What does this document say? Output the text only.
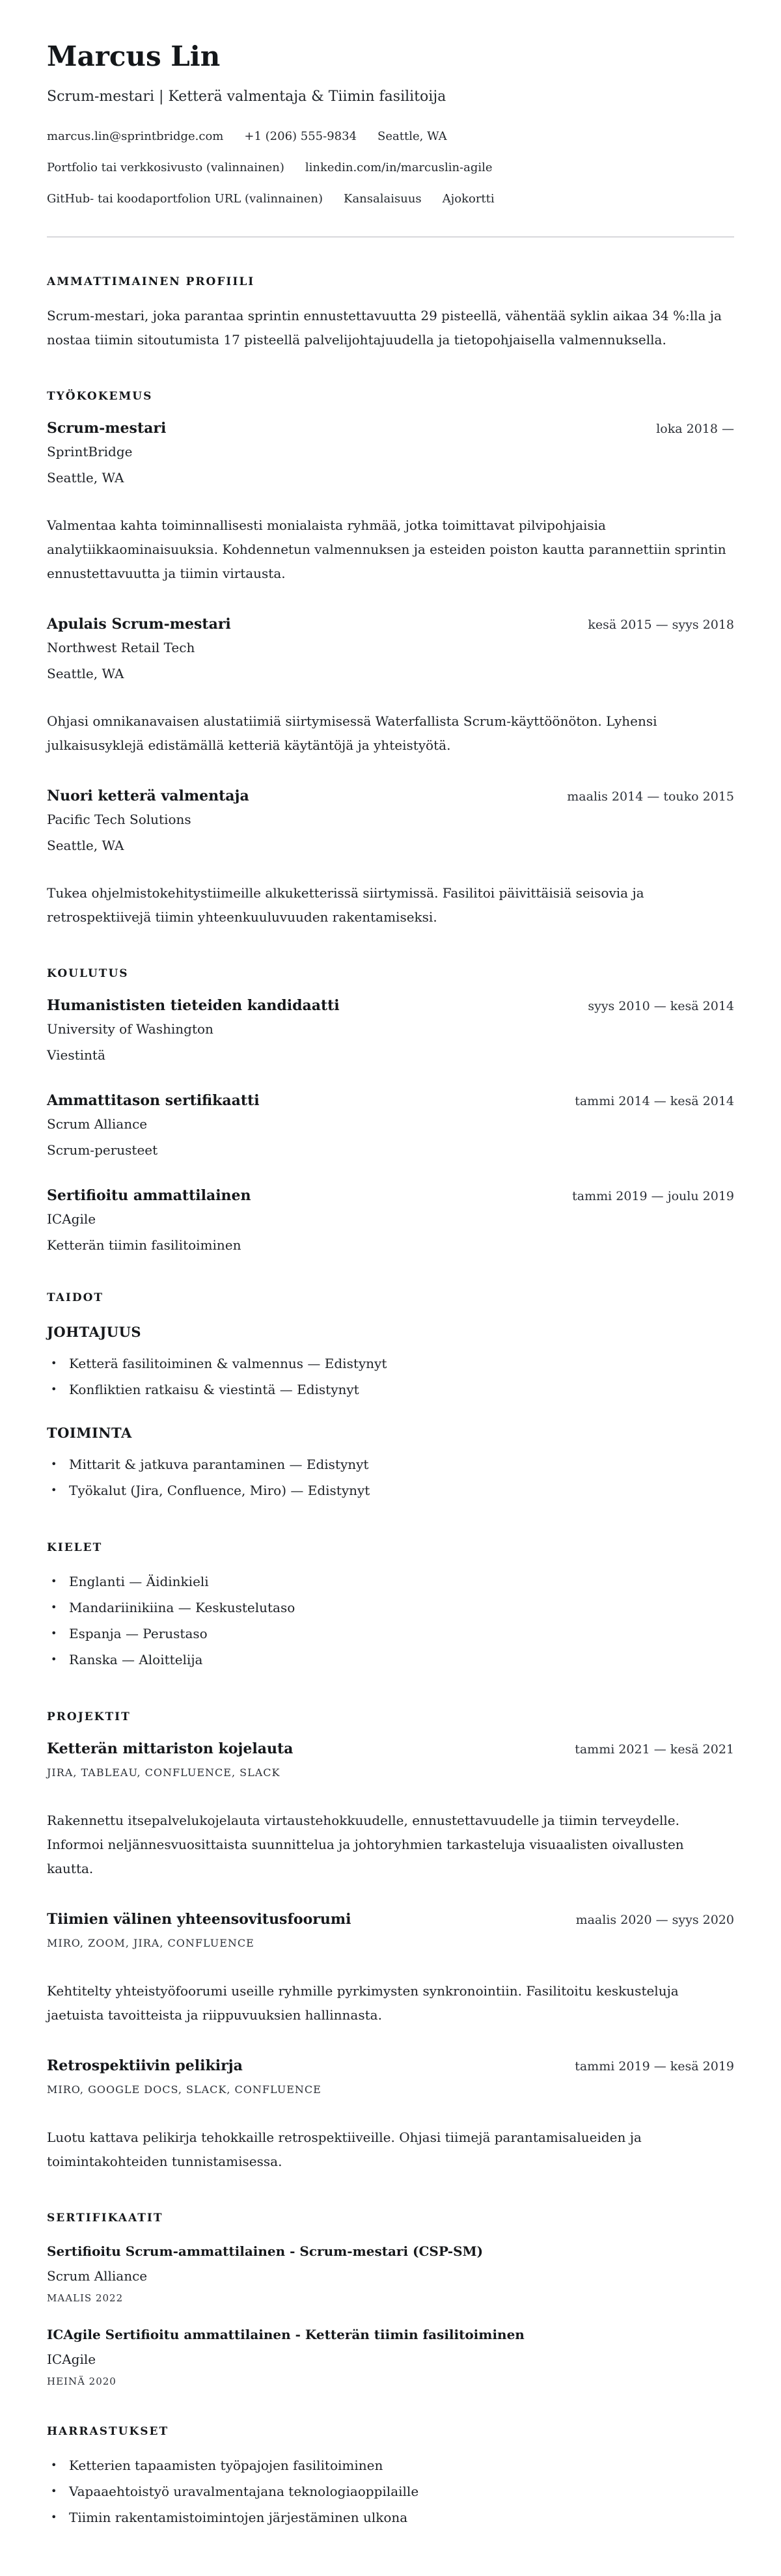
Marcus Lin

Scrum-mestari | Ketterä valmentaja & Tiimin fasilitoija

marcus.lin@sprintbridge.com +1 (206) 555-9834 Seattle, WA
Portfolio tai verkkosivusto (valinnainen) linkedin.com/in/marcuslin-agile
GitHub- tai koodaportfolion URL (valinnainen) Kansalaisuus Ajokortti
AMMATTIMAINEN PROFIILI

Scrum-mestari, joka parantaa sprintin ennustettavuutta 29 pisteellä, vähentää syklin aikaa 34 %:lla ja nostaa tiimin sitoutumista 17 pisteellä palvelijohtajuudella ja tietopohjaisella valmennuksella.

TYÖKOKEMUS
Scrum-mestari	loka 2018 —
SprintBridge
Seattle, WA

Valmentaa kahta toiminnallisesti monialaista ryhmää, jotka toimittavat pilvipohjaisia analytiikkaominaisuuksia. Kohdennetun valmennuksen ja esteiden poiston kautta parannettiin sprintin ennustettavuutta ja tiimin virtausta.

Apulais Scrum-mestari	kesä 2015 — syys 2018
Northwest Retail Tech
Seattle, WA

Ohjasi omnikanavaisen alustatiimiä siirtymisessä Waterfallista Scrum-käyttöönöton. Lyhensi julkaisusyklejä edistämällä ketteriä käytäntöjä ja yhteistyötä.

Nuori ketterä valmentaja	maalis 2014 — touko 2015
Pacific Tech Solutions
Seattle, WA

Tukea ohjelmistokehitystiimeille alkuketterissä siirtymissä. Fasilitoi päivittäisiä seisovia ja retrospektiivejä tiimin yhteenkuuluvuuden rakentamiseksi.

KOULUTUS
Humanististen tieteiden kandidaatti	syys 2010 — kesä 2014
University of Washington
Viestintä
Ammattitason sertifikaatti	tammi 2014 — kesä 2014
Scrum Alliance
Scrum-perusteet
Sertifioitu ammattilainen	tammi 2019 — joulu 2019
ICAgile
Ketterän tiimin fasilitoiminen
TAIDOT
JOHTAJUUS
• Ketterä fasilitoiminen & valmennus — Edistynyt
• Konfliktien ratkaisu & viestintä — Edistynyt
TOIMINTA
• Mittarit & jatkuva parantaminen — Edistynyt
• Työkalut (Jira, Confluence, Miro) — Edistynyt
KIELET
• Englanti — Äidinkieli
• Mandariinikiina — Keskustelutaso
• Espanja — Perustaso
• Ranska — Aloittelija
PROJEKTIT
Ketterän mittariston kojelauta	tammi 2021 — kesä 2021
JIRA, TABLEAU, CONFLUENCE, SLACK

Rakennettu itsepalvelukojelauta virtaustehokkuudelle, ennustettavuudelle ja tiimin terveydelle. Informoi neljännesvuosittaista suunnittelua ja johtoryhmien tarkasteluja visuaalisten oivallusten kautta.

Tiimien välinen yhteensovitusfoorumi	maalis 2020 — syys 2020
MIRO, ZOOM, JIRA, CONFLUENCE

Kehtitelty yhteistyöfoorumi useille ryhmille pyrkimysten synkronointiin. Fasilitoitu keskusteluja jaetuista tavoitteista ja riippuvuuksien hallinnasta.

Retrospektiivin pelikirja	tammi 2019 — kesä 2019
MIRO, GOOGLE DOCS, SLACK, CONFLUENCE

Luotu kattava pelikirja tehokkaille retrospektiiveille. Ohjasi tiimejä parantamisalueiden ja toimintakohteiden tunnistamisessa.

SERTIFIKAATIT
Sertifioitu Scrum-ammattilainen - Scrum-mestari (CSP-SM)
Scrum Alliance
MAALIS 2022
ICAgile Sertifioitu ammattilainen - Ketterän tiimin fasilitoiminen
ICAgile
HEINÄ 2020
HARRASTUKSET
• Ketterien tapaamisten työpajojen fasilitoiminen
• Vapaaehtoistyö uravalmentajana teknologiaoppilaille
• Tiimin rakentamistoimintojen järjestäminen ulkona
